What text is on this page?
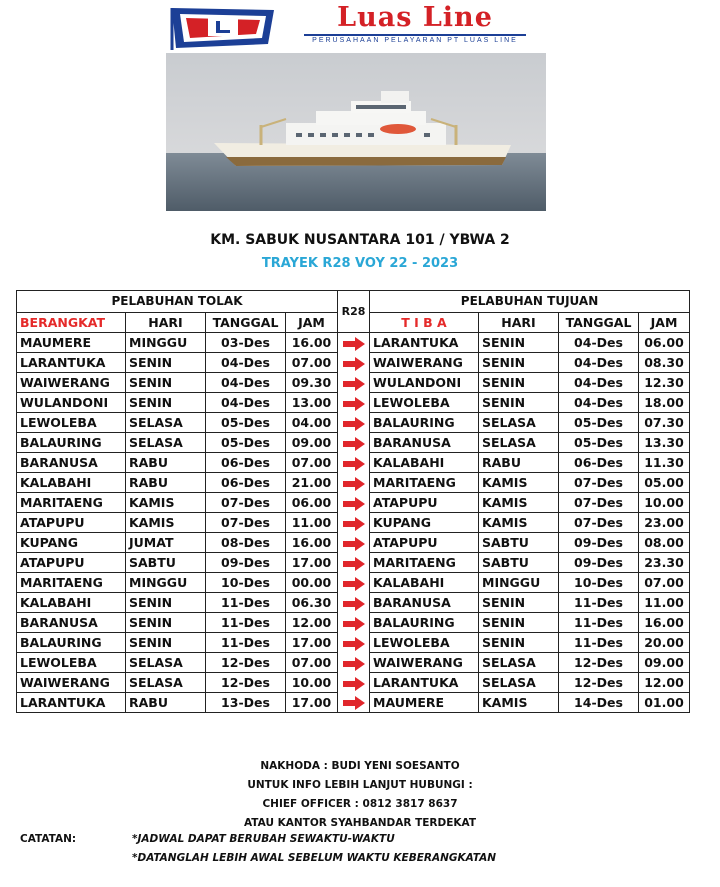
Luas Line
PERUSAHAAN PELAYARAN PT LUAS LINE
KM. SABUK NUSANTARA 101 / YBWA 2
TRAYEK R28 VOY 22 - 2023
PELABUHAN TOLAK				R28	PELABUHAN TUJUAN			
BERANGKAT	HARI	TANGGAL	JAM		T I B A	HARI	TANGGAL	JAM
MAUMERE	MINGGU	03-Des	16.00		LARANTUKA	SENIN	04-Des	06.00
LARANTUKA	SENIN	04-Des	07.00		WAIWERANG	SENIN	04-Des	08.30
WAIWERANG	SENIN	04-Des	09.30		WULANDONI	SENIN	04-Des	12.30
WULANDONI	SENIN	04-Des	13.00		LEWOLEBA	SENIN	04-Des	18.00
LEWOLEBA	SELASA	05-Des	04.00		BALAURING	SELASA	05-Des	07.30
BALAURING	SELASA	05-Des	09.00		BARANUSA	SELASA	05-Des	13.30
BARANUSA	RABU	06-Des	07.00		KALABAHI	RABU	06-Des	11.30
KALABAHI	RABU	06-Des	21.00		MARITAENG	KAMIS	07-Des	05.00
MARITAENG	KAMIS	07-Des	06.00		ATAPUPU	KAMIS	07-Des	10.00
ATAPUPU	KAMIS	07-Des	11.00		KUPANG	KAMIS	07-Des	23.00
KUPANG	JUMAT	08-Des	16.00		ATAPUPU	SABTU	09-Des	08.00
ATAPUPU	SABTU	09-Des	17.00		MARITAENG	SABTU	09-Des	23.30
MARITAENG	MINGGU	10-Des	00.00		KALABAHI	MINGGU	10-Des	07.00
KALABAHI	SENIN	11-Des	06.30		BARANUSA	SENIN	11-Des	11.00
BARANUSA	SENIN	11-Des	12.00		BALAURING	SENIN	11-Des	16.00
BALAURING	SENIN	11-Des	17.00		LEWOLEBA	SENIN	11-Des	20.00
LEWOLEBA	SELASA	12-Des	07.00		WAIWERANG	SELASA	12-Des	09.00
WAIWERANG	SELASA	12-Des	10.00		LARANTUKA	SELASA	12-Des	12.00
LARANTUKA	RABU	13-Des	17.00		MAUMERE	KAMIS	14-Des	01.00
NAKHODA : BUDI YENI SOESANTO
UNTUK INFO LEBIH LANJUT HUBUNGI :
CHIEF OFFICER : 0812 3817 8637
ATAU KANTOR SYAHBANDAR TERDEKAT
CATATAN:	*JADWAL DAPAT BERUBAH SEWAKTU-WAKTU
*DATANGLAH LEBIH AWAL SEBELUM WAKTU KEBERANGKATAN
